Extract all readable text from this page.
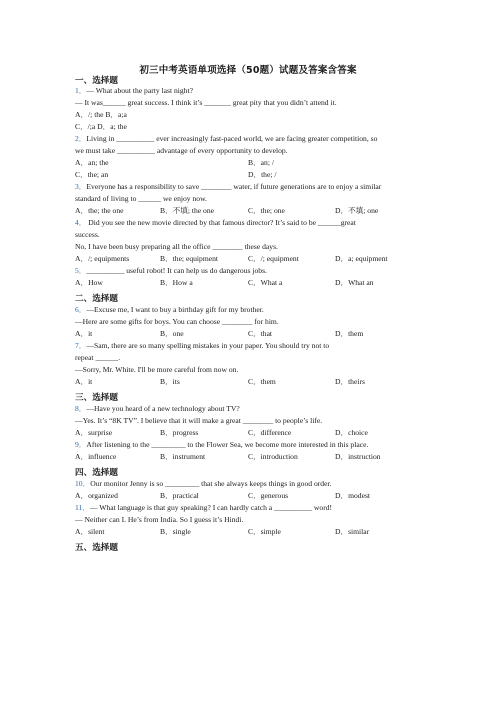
初三中考英语单项选择（50题）试题及答案含答案
一、选择题
1．— What about the party last night?
— It was______ great success. I think it’s _______ great pity that you didn’t attend it.
A．/; the B．a;a
C．/;a D．a; the
2．Living in __________ ever increasingly fast-paced world, we are facing greater competition, so
we must take __________ advantage of every opportunity to develop.
A．an; the	B．an; /
C．the; an	D．the; /
3．Everyone has a responsibility to save ________ water, if future generations are to enjoy a similar
standard of living to ______ we enjoy now.
A．the; the one	B．不填; the one	C．the; one	D．不填; one
4． Did you see the new movie directed by that famous director? It’s said to be ______great
success.
No, I have been busy preparing all the office ________ these days.
A．/; equipments	B．the; equipment	C．/; equipment	D．a; equipment
5．__________ useful robot! It can help us do dangerous jobs.
A．How	B．How a	C．What a	D．What an
二、选择题
6．—Excuse me, I want to buy a birthday gift for my brother.
—Here are some gifts for boys. You can choose ________ for him.
A．it	B．one	C．that	D．them
7．—Sam, there are so many spelling mistakes in your paper. You should try not to
repeat ______.
—Sorry, Mr. White. I'll be more careful from now on.
A．it	B．its	C．them	D．theirs
三、选择题
8．—Have you heard of a new technology about TV?
—Yes. It’s “8K TV”. I believe that it will make a great ________ to people’s life.
A．surprise	B．progress	C．difference	D．choice
9．After listening to the _________ to the Flower Sea, we become more interested in this place.
A．influence	B．instrument	C．introduction	D．instruction
四、选择题
10．Our monitor Jenny is so _________ that she always keeps things in good order.
A．organized	B．practical	C．generous	D．modest
11．— What language is that guy speaking? I can hardly catch a __________ word!
— Neither can I. He’s from India. So I guess it’s Hindi.
A．silent	B．single	C．simple	D．similar
五、选择题
